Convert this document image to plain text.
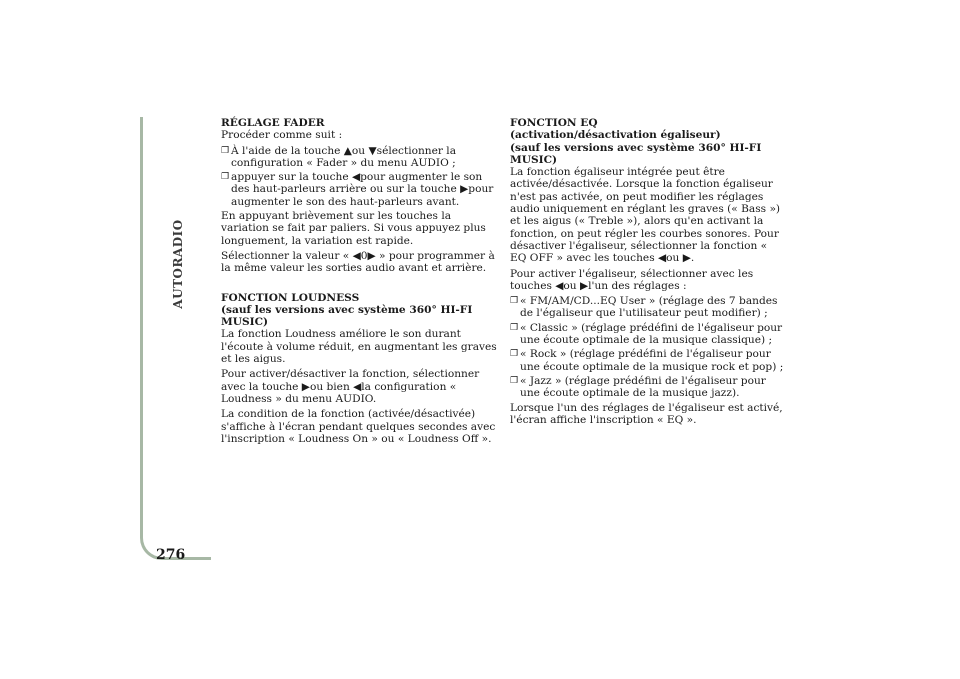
AUTORADIO
276
RÉGLAGE FADER

Procéder comme suit :

❐ À l'aide de la touche ▲ou ▼sélectionner la configuration « Fader » du menu AUDIO ;
❐ appuyer sur la touche ◀pour augmenter le son des haut-parleurs arrière ou sur la touche ▶pour augmenter le son des haut-parleurs avant.

En appuyant brièvement sur les touches la variation se fait par paliers. Si vous appuyez plus longuement, la variation est rapide.

Sélectionner la valeur « ◀0▶ » pour programmer à la même valeur les sorties audio avant et arrière.

FONCTION LOUDNESS
(sauf les versions avec système 360° HI-FI MUSIC)

La fonction Loudness améliore le son durant l'écoute à volume réduit, en augmentant les graves et les aigus.

Pour activer/désactiver la fonction, sélectionner avec la touche ▶ou bien ◀la configuration « Loudness » du menu AUDIO.

La condition de la fonction (activée/désactivée) s'affiche à l'écran pendant quelques secondes avec l'inscription « Loudness On » ou « Loudness Off ».

FONCTION EQ
(activation/désactivation égaliseur)
(sauf les versions avec système 360° HI-FI MUSIC)

La fonction égaliseur intégrée peut être activée/désactivée. Lorsque la fonction égaliseur n'est pas activée, on peut modifier les réglages audio uniquement en réglant les graves (« Bass ») et les aigus (« Treble »), alors qu'en activant la fonction, on peut régler les courbes sonores. Pour désactiver l'égaliseur, sélectionner la fonction « EQ OFF » avec les touches ◀ou ▶.

Pour activer l'égaliseur, sélectionner avec les touches ◀ou ▶l'un des réglages :

❐ « FM/AM/CD...EQ User » (réglage des 7 bandes de l'égaliseur que l'utilisateur peut modifier) ;
❐ « Classic » (réglage prédéfini de l'égaliseur pour une écoute optimale de la musique classique) ;
❐ « Rock » (réglage prédéfini de l'égaliseur pour une écoute optimale de la musique rock et pop) ;
❐ « Jazz » (réglage prédéfini de l'égaliseur pour une écoute optimale de la musique jazz).

Lorsque l'un des réglages de l'égaliseur est activé, l'écran affiche l'inscription « EQ ».
